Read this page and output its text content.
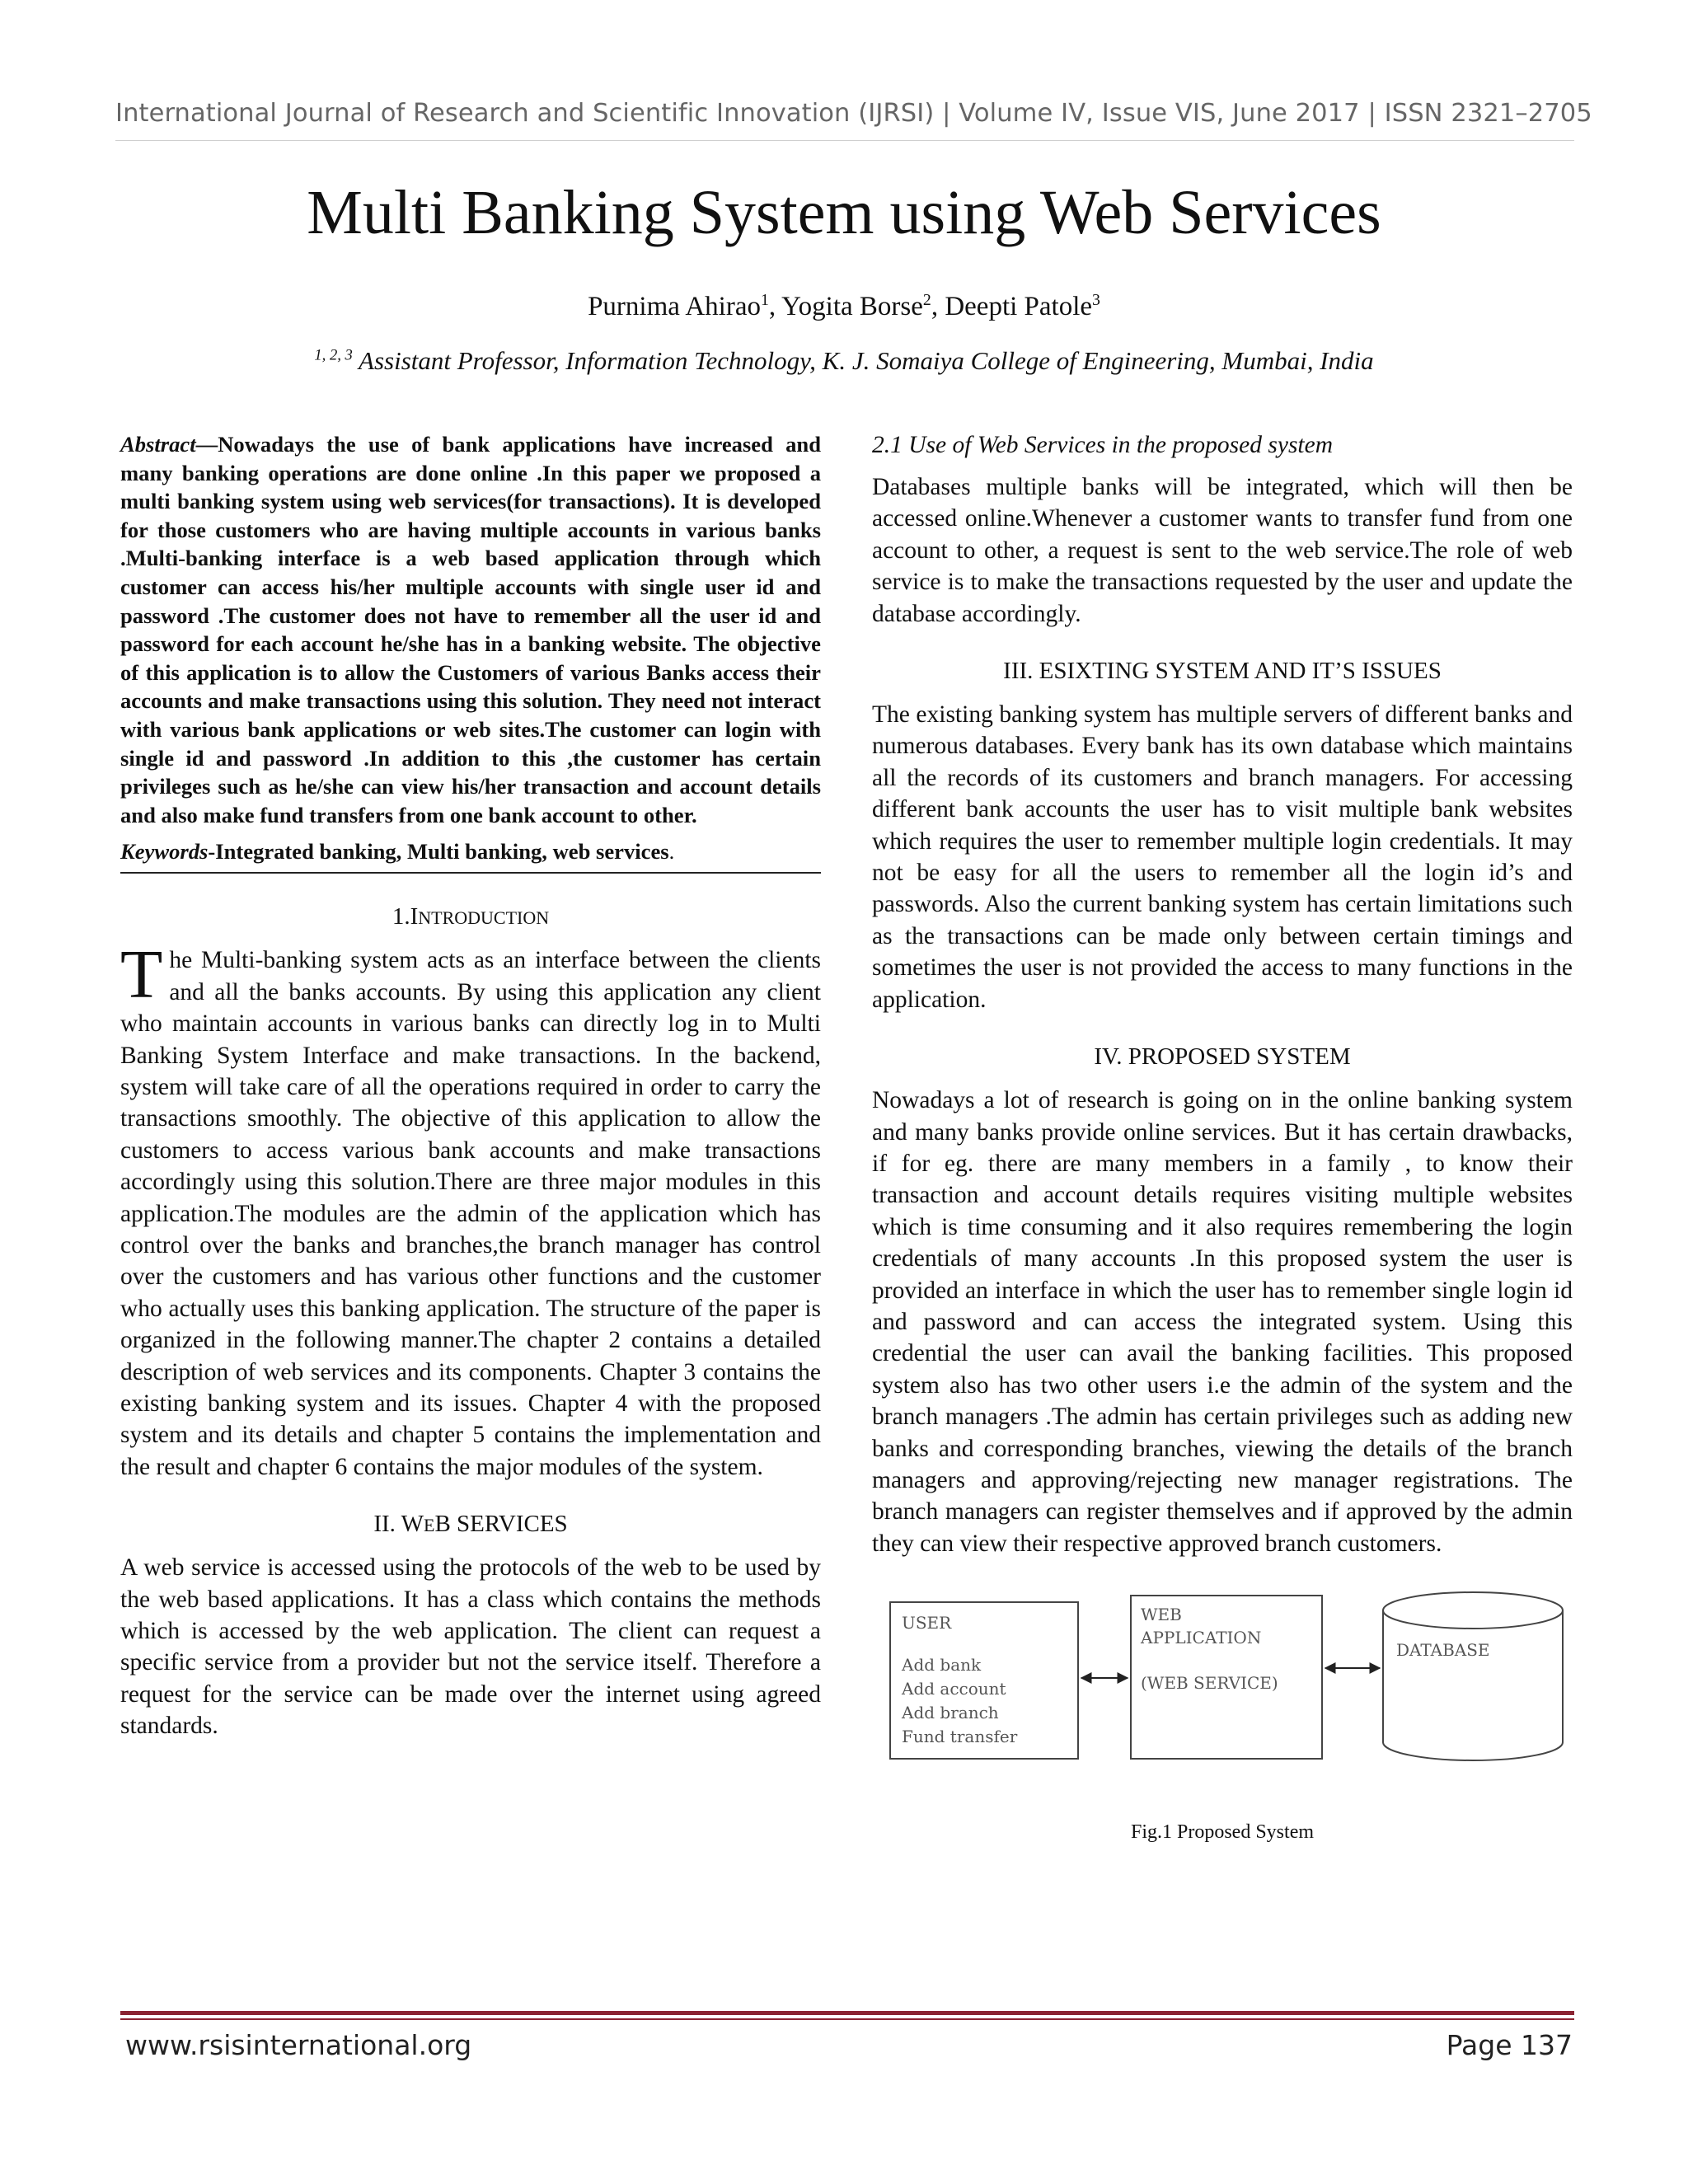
International Journal of Research and Scientific Innovation (IJRSI) | Volume IV, Issue VIS, June 2017 | ISSN 2321–2705
Multi Banking System using Web Services
Purnima Ahirao$^1$, Yogita Borse$^2$, Deepti Patole$^3$
$^{1, 2, 3}$ Assistant Professor, Information Technology, K. J. Somaiya College of Engineering, Mumbai, India

Abstract—Nowadays the use of bank applications have increased and many banking operations are done online .In this paper we proposed a multi banking system using web services(for transactions). It is developed for those customers who are having multiple accounts in various banks .Multi-banking interface is a web based application through which customer can access his/her multiple accounts with single user id and password .The customer does not have to remember all the user id and password for each account he/she has in a banking website. The objective of this application is to allow the Customers of various Banks access their accounts and make transactions using this solution. They need not interact with various bank applications or web sites.The customer can login with single id and password .In addition to this ,the customer has certain privileges such as he/she can view his/her transaction and account details and also make fund transfers from one bank account to other.

Keywords-Integrated banking, Multi banking, web services.

1.INTRODUCTION

The Multi-banking system acts as an interface between the clients and all the banks accounts. By using this application any client who maintain accounts in various banks can directly log in to Multi Banking System Interface and make transactions. In the backend, system will take care of all the operations required in order to carry the transactions smoothly. The objective of this application to allow the customers to access various bank accounts and make transactions accordingly using this solution.There are three major modules in this application.The modules are the admin of the application which has control over the banks and branches,the branch manager has control over the customers and has various other functions and the customer who actually uses this banking application. The structure of the paper is organized in the following manner.The chapter 2 contains a detailed description of web services and its components. Chapter 3 contains the existing banking system and its issues. Chapter 4 with the proposed system and its details and chapter 5 contains the implementation and the result and chapter 6 contains the major modules of the system.

II. WEB SERVICES

A web service is accessed using the protocols of the web to be used by the web based applications. It has a class which contains the methods which is accessed by the web application. The client can request a specific service from a provider but not the service itself. Therefore a request for the service can be made over the internet using agreed standards.

2.1 Use of Web Services in the proposed system

Databases multiple banks will be integrated, which will then be accessed online.Whenever a customer wants to transfer fund from one account to other, a request is sent to the web service.The role of web service is to make the transactions requested by the user and update the database accordingly.

III. ESIXTING SYSTEM AND IT’S ISSUES

The existing banking system has multiple servers of different banks and numerous databases. Every bank has its own database which maintains all the records of its customers and branch managers. For accessing different bank accounts the user has to visit multiple bank websites which requires the user to remember multiple login credentials. It may not be easy for all the users to remember all the login id’s and passwords. Also the current banking system has certain limitations such as the transactions can be made only between certain timings and sometimes the user is not provided the access to many functions in the application.

IV. PROPOSED SYSTEM

Nowadays a lot of research is going on in the online banking system and many banks provide online services. But it has certain drawbacks, if for eg. there are many members in a family , to know their transaction and account details requires visiting multiple websites which is time consuming and it also requires remembering the login credentials of many accounts .In this proposed system the user is provided an interface in which the user has to remember single login id and password and can access the integrated system. Using this credential the user can avail the banking facilities. This proposed system also has two other users i.e the admin of the system and the branch managers .The admin has certain privileges such as adding new banks and corresponding branches, viewing the details of the branch managers and approving/rejecting new manager registrations. The branch managers can register themselves and if approved by the admin they can view their respective approved branch customers.

USER
Add bank
Add account
Add branch
Fund transfer
WEB
APPLICATION
(WEB SERVICE)
DATABASE

Fig.1 Proposed System

www.rsisinternational.org	Page 137
